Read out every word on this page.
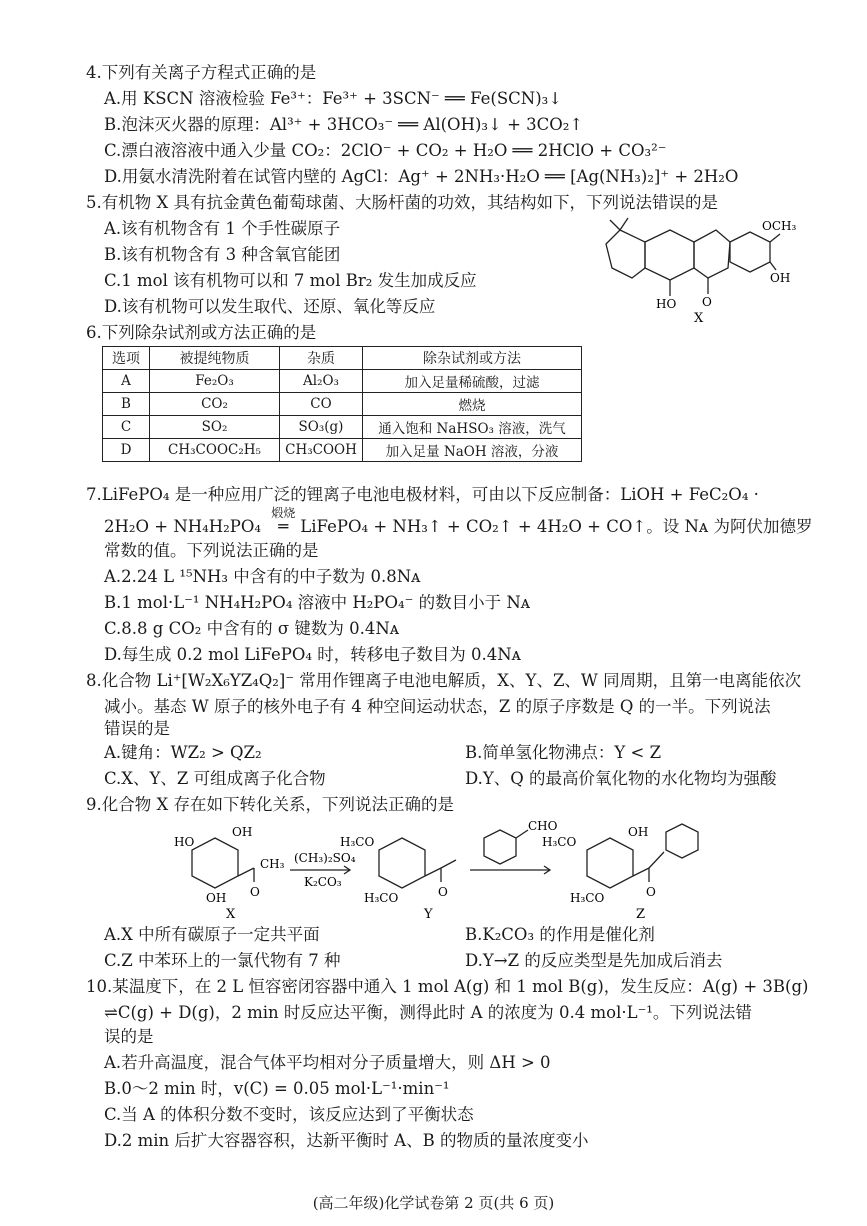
4.下列有关离子方程式正确的是
A.用 KSCN 溶液检验 Fe³⁺：Fe³⁺ + 3SCN⁻ ══ Fe(SCN)₃↓
B.泡沫灭火器的原理：Al³⁺ + 3HCO₃⁻ ══ Al(OH)₃↓ + 3CO₂↑
C.漂白液溶液中通入少量 CO₂：2ClO⁻ + CO₂ + H₂O ══ 2HClO + CO₃²⁻
D.用氨水清洗附着在试管内壁的 AgCl：Ag⁺ + 2NH₃·H₂O ══ [Ag(NH₃)₂]⁺ + 2H₂O
5.有机物 X 具有抗金黄色葡萄球菌、大肠杆菌的功效，其结构如下，下列说法错误的是
A.该有机物含有 1 个手性碳原子
B.该有机物含有 3 种含氧官能团
C.1 mol 该有机物可以和 7 mol Br₂ 发生加成反应
D.该有机物可以发生取代、还原、氧化等反应
OCH₃
OH
HO O
X
6.下列除杂试剂或方法正确的是
选项	被提纯物质	杂质	除杂试剂或方法
A	Fe₂O₃	Al₂O₃	加入足量稀硫酸，过滤
B	CO₂	CO	燃烧
C	SO₂	SO₃(g)	通入饱和 NaHSO₃ 溶液，洗气
D	CH₃COOC₂H₅	CH₃COOH	加入足量 NaOH 溶液，分液
7.LiFePO₄ 是一种应用广泛的锂离子电池电极材料，可由以下反应制备：LiOH + FeC₂O₄ ·
2H₂O + NH₄H₂PO₄
煅烧
═ LiFePO₄ + NH₃↑ + CO₂↑ + 4H₂O + CO↑。设 Nᴀ 为阿伏加德罗
常数的值。下列说法正确的是
A.2.24 L ¹⁵NH₃ 中含有的中子数为 0.8Nᴀ
B.1 mol·L⁻¹ NH₄H₂PO₄ 溶液中 H₂PO₄⁻ 的数目小于 Nᴀ
C.8.8 g CO₂ 中含有的 σ 键数为 0.4Nᴀ
D.每生成 0.2 mol LiFePO₄ 时，转移电子数目为 0.4Nᴀ
8.化合物 Li⁺[W₂X₆YZ₄Q₂]⁻ 常用作锂离子电池电解质，X、Y、Z、W 同周期，且第一电离能依次
减小。基态 W 原子的核外电子有 4 种空间运动状态，Z 的原子序数是 Q 的一半。下列说法
错误的是
A.键角：WZ₂ > QZ₂	B.简单氢化物沸点：Y < Z
C.X、Y、Z 可组成离子化合物	D.Y、Q 的最高价氧化物的水化物均为强酸
9.化合物 X 存在如下转化关系，下列说法正确的是
HO
OH
OH
CH₃
O
(CH₃)₂SO₄
K₂CO₃
H₃CO
H₃CO	O
CHO
H₃CO
OH
H₃CO	O
X	Y	Z
A.X 中所有碳原子一定共平面	B.K₂CO₃ 的作用是催化剂
C.Z 中苯环上的一氯代物有 7 种	D.Y→Z 的反应类型是先加成后消去
10.某温度下，在 2 L 恒容密闭容器中通入 1 mol A(g) 和 1 mol B(g)，发生反应：A(g) + 3B(g)
⇌C(g) + D(g)，2 min 时反应达平衡，测得此时 A 的浓度为 0.4 mol·L⁻¹。下列说法错
误的是
A.若升高温度，混合气体平均相对分子质量增大，则 ΔH > 0
B.0～2 min 时，v(C) = 0.05 mol·L⁻¹·min⁻¹
C.当 A 的体积分数不变时，该反应达到了平衡状态
D.2 min 后扩大容器容积，达新平衡时 A、B 的物质的量浓度变小
(高二年级)化学试卷第 2 页(共 6 页)
